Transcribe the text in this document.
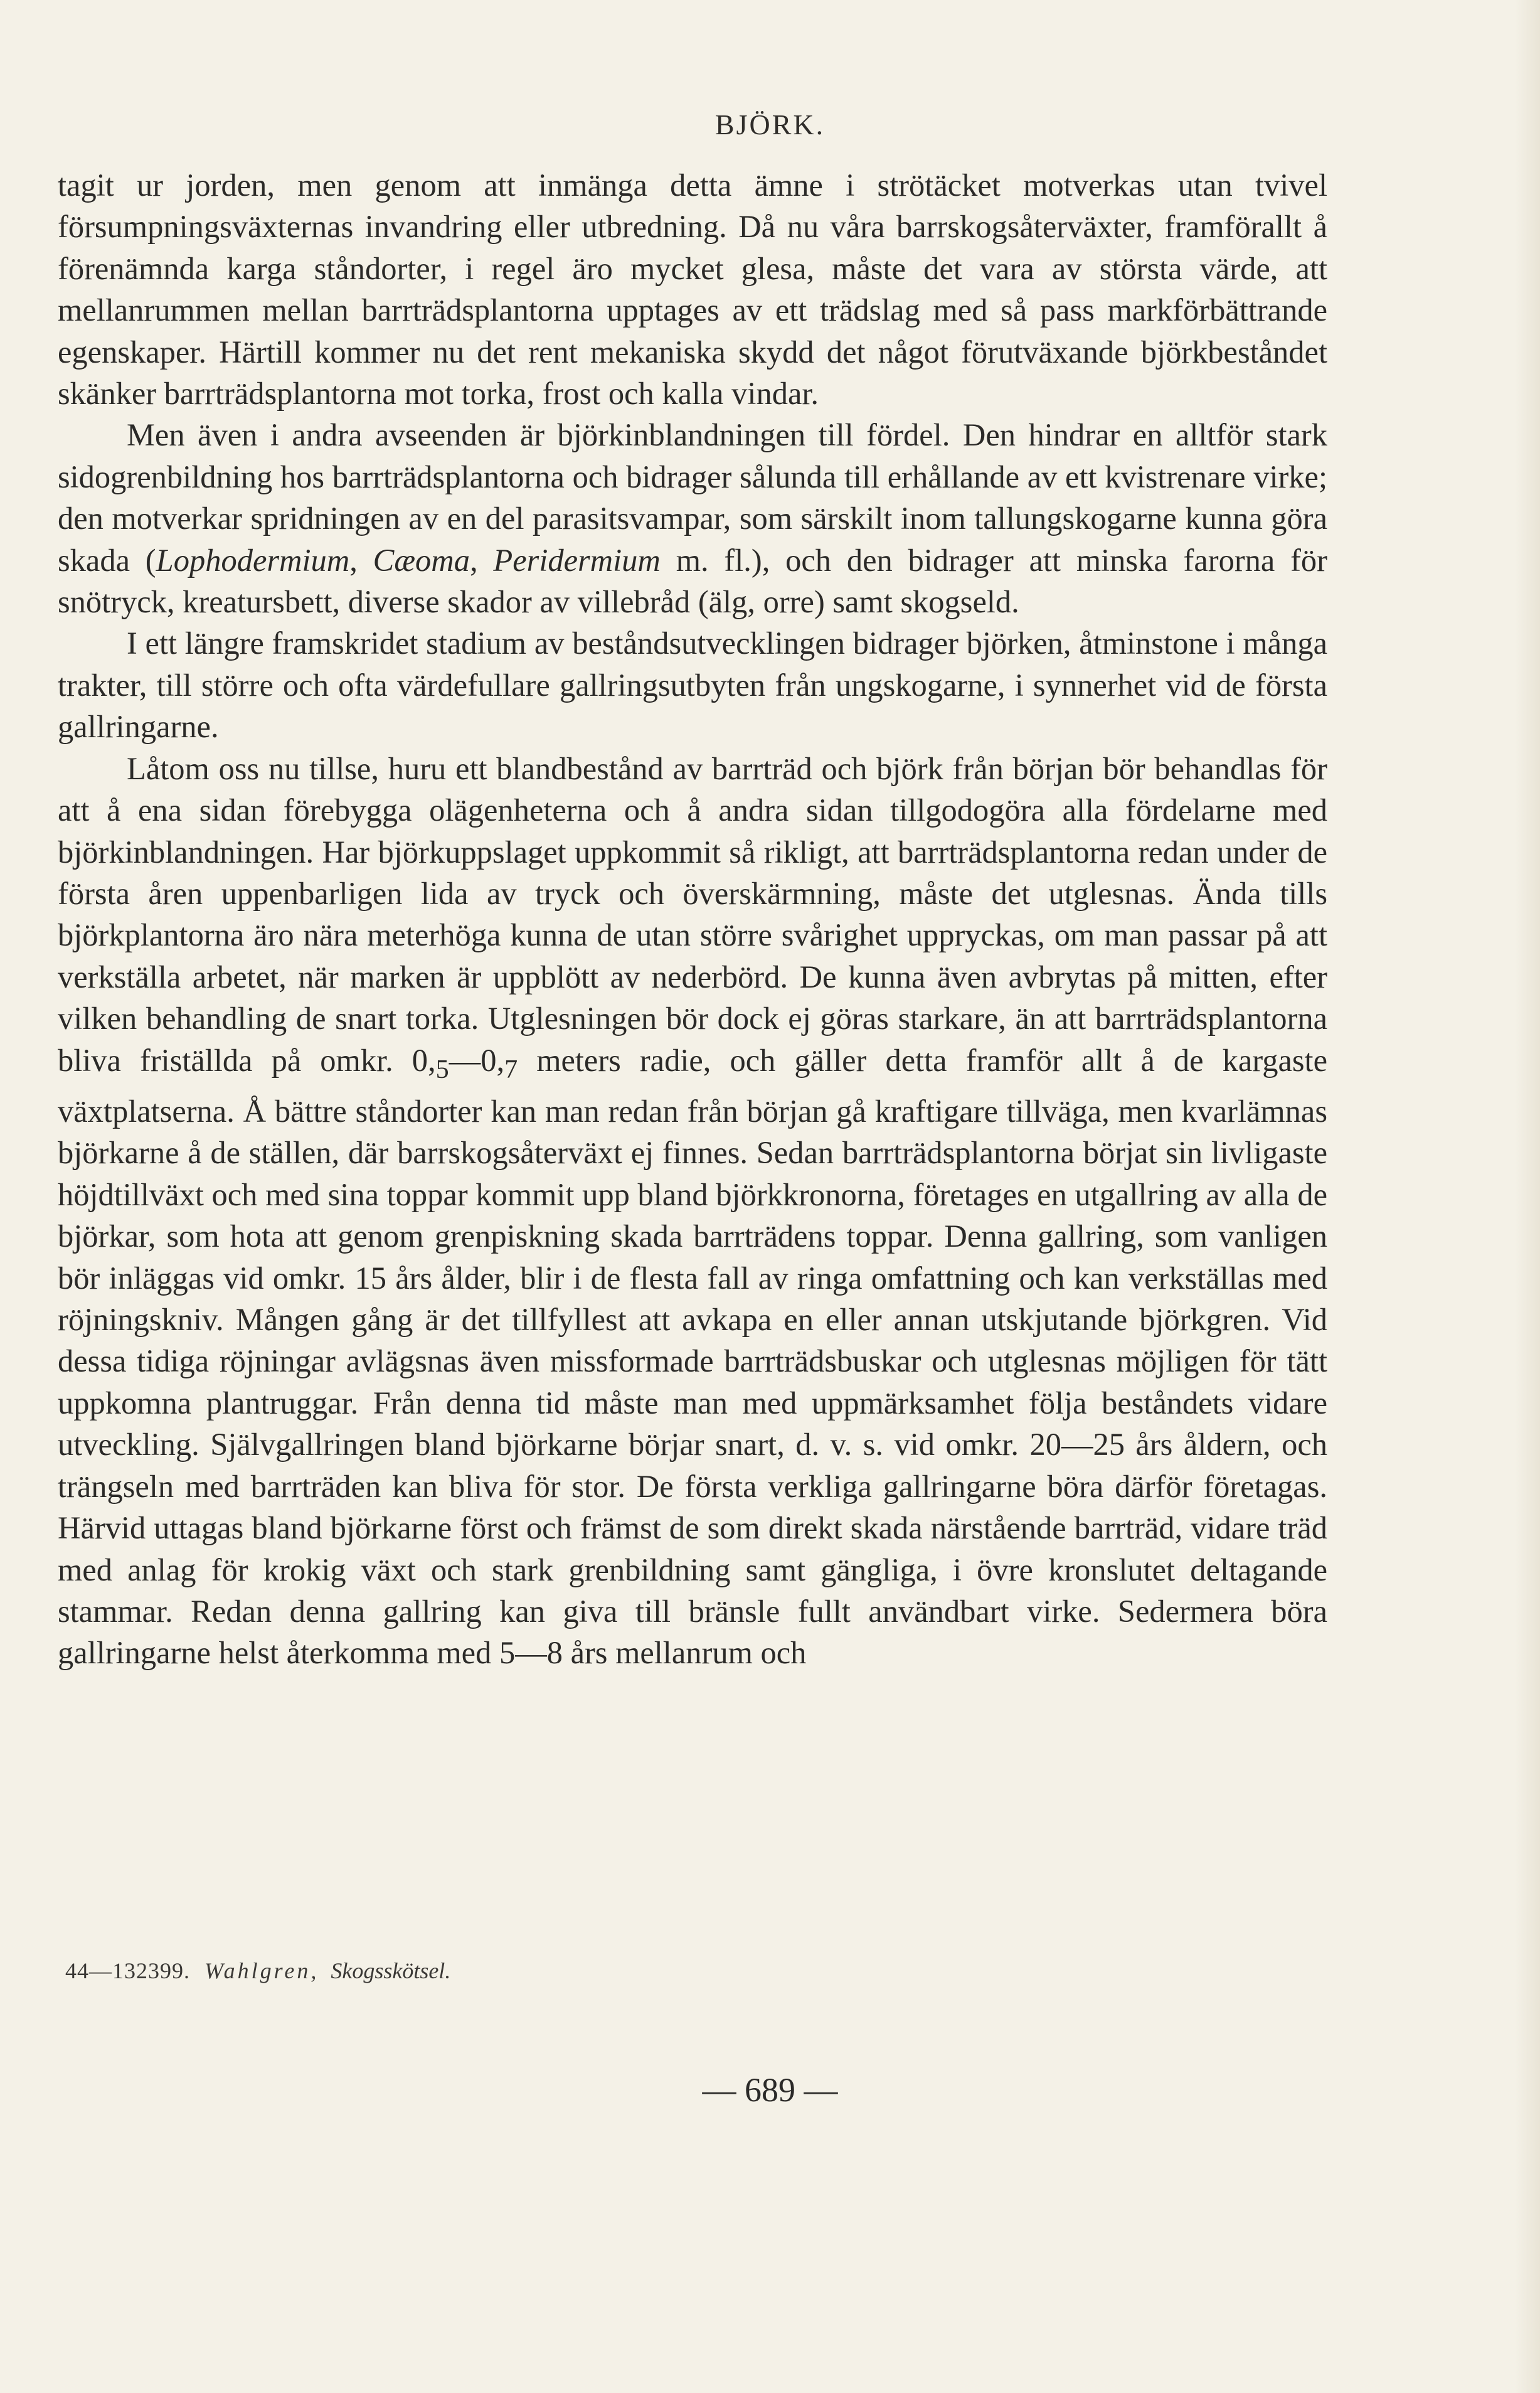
BJÖRK.

tagit ur jorden, men genom att inmänga detta ämne i strötäcket motverkas utan tvivel försumpningsväxternas invandring eller utbredning. Då nu våra barrskogsåterväxter, framförallt å förenämnda karga ståndorter, i regel äro mycket glesa, måste det vara av största värde, att mellanrummen mellan barrträdsplantorna upptages av ett trädslag med så pass markförbättrande egenskaper. Härtill kommer nu det rent mekaniska skydd det något förutväxande björkbeståndet skänker barrträdsplantorna mot torka, frost och kalla vindar.

Men även i andra avseenden är björkinblandningen till fördel. Den hindrar en alltför stark sidogrenbildning hos barrträdsplantorna och bidrager sålunda till erhållande av ett kvistrenare virke; den motverkar spridningen av en del parasitsvampar, som särskilt inom tallungskogarne kunna göra skada (Lophodermium, Cæoma, Peridermium m. fl.), och den bidrager att minska farorna för snötryck, kreatursbett, diverse skador av villebråd (älg, orre) samt skogseld.

I ett längre framskridet stadium av beståndsutvecklingen bidrager björken, åtminstone i många trakter, till större och ofta värdefullare gallringsutbyten från ungskogarne, i synnerhet vid de första gallringarne.

Låtom oss nu tillse, huru ett blandbestånd av barrträd och björk från början bör behandlas för att å ena sidan förebygga olägenheterna och å andra sidan tillgodogöra alla fördelarne med björkinblandningen. Har björkuppslaget uppkommit så rikligt, att barrträdsplantorna redan under de första åren uppenbarligen lida av tryck och överskärmning, måste det utglesnas. Ända tills björkplantorna äro nära meterhöga kunna de utan större svårighet uppryckas, om man passar på att verkställa arbetet, när marken är uppblött av nederbörd. De kunna även avbrytas på mitten, efter vilken behandling de snart torka. Utglesningen bör dock ej göras starkare, än att barrträdsplantorna bliva friställda på omkr. $0,_5—0,_7$ meters radie, och gäller detta framför allt å de kargaste växtplatserna. Å bättre ståndorter kan man redan från början gå kraftigare tillväga, men kvarlämnas björkarne å de ställen, där barrskogsåterväxt ej finnes. Sedan barrträdsplantorna börjat sin livligaste höjdtillväxt och med sina toppar kommit upp bland björkkronorna, företages en utgallring av alla de björkar, som hota att genom grenpiskning skada barrträdens toppar. Denna gallring, som vanligen bör inläggas vid omkr. 15 års ålder, blir i de flesta fall av ringa omfattning och kan verkställas med röjningskniv. Mången gång är det tillfyllest att avkapa en eller annan utskjutande björkgren. Vid dessa tidiga röjningar avlägsnas även missformade barrträdsbuskar och utglesnas möjligen för tätt uppkomna plantruggar. Från denna tid måste man med uppmärksamhet följa beståndets vidare utveckling. Självgallringen bland björkarne börjar snart, d. v. s. vid omkr. 20—25 års åldern, och trängseln med barrträden kan bliva för stor. De första verkliga gallringarne böra därför företagas. Härvid uttagas bland björkarne först och främst de som direkt skada närstående barrträd, vidare träd med anlag för krokig växt och stark grenbildning samt gängliga, i övre kronslutet deltagande stammar. Redan denna gallring kan giva till bränsle fullt användbart virke. Sedermera böra gallringarne helst återkomma med 5—8 års mellanrum och

44—132399. Wahlgren, Skogsskötsel.
— 689 —
